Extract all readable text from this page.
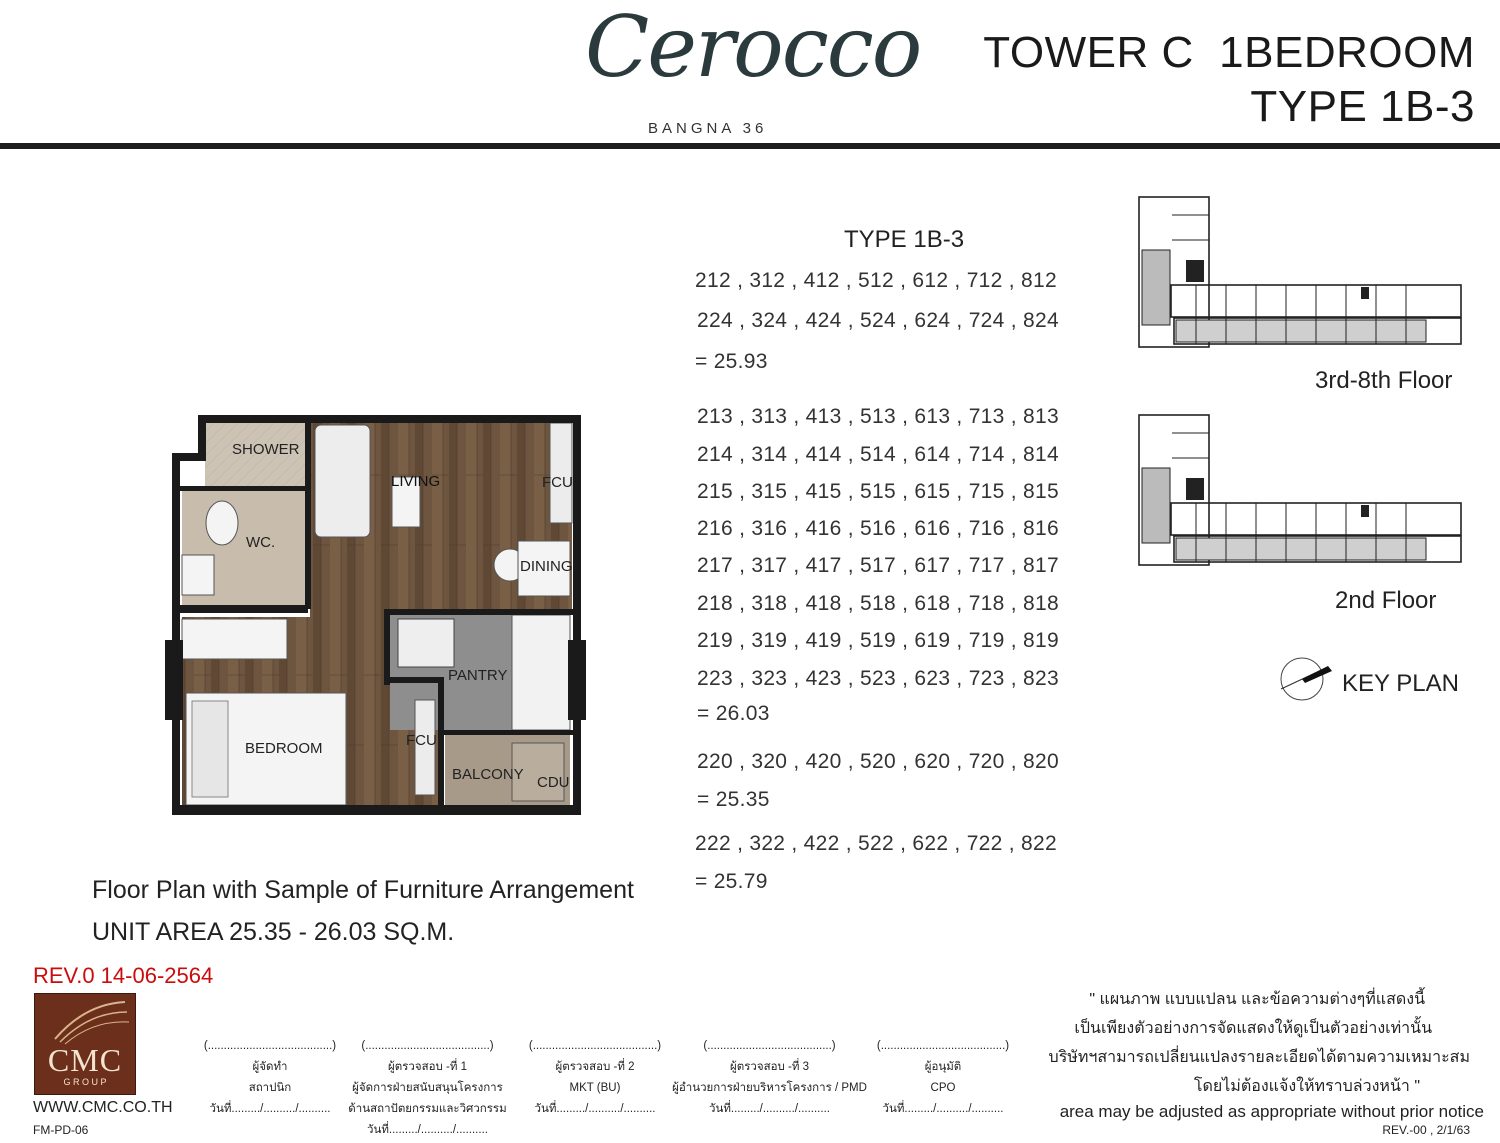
Cerocco
BANGNA 36
TOWER C  1BEDROOM
TYPE 1B-3
SHOWER
WC.
LIVING	FCU
DINING
PANTRY
BEDROOM	FCU
BALCONY CDU
TYPE 1B-3
212 , 312 , 412 , 512 , 612 , 712 , 812
224 , 324 , 424 , 524 , 624 , 724 , 824
= 25.93
213 , 313 , 413 , 513 , 613 , 713 , 813
214 , 314 , 414 , 514 , 614 , 714 , 814
215 , 315 , 415 , 515 , 615 , 715 , 815
216 , 316 , 416 , 516 , 616 , 716 , 816
217 , 317 , 417 , 517 , 617 , 717 , 817
218 , 318 , 418 , 518 , 618 , 718 , 818
219 , 319 , 419 , 519 , 619 , 719 , 819
223 , 323 , 423 , 523 , 623 , 723 , 823
= 26.03
220 , 320 , 420 , 520 , 620 , 720 , 820
= 25.35
222 , 322 , 422 , 522 , 622 , 722 , 822
= 25.79
3rd-8th Floor
2nd Floor
KEY PLAN
Floor Plan with Sample of Furniture Arrangement
UNIT AREA 25.35 - 26.03 SQ.M.
REV.0 14-06-2564
CMC
G R O U P
WWW.CMC.CO.TH
FM-PD-06
(.......................................)
ผู้จัดทำ
สถาปนิก
วันที่........./........../..........
(.......................................)
ผู้ตรวจสอบ -ที่ 1
ผู้จัดการฝ่ายสนับสนุนโครงการ
ด้านสถาปัตยกรรมและวิศวกรรม
วันที่........./........../..........
(.......................................)
ผู้ตรวจสอบ -ที่ 2
MKT (BU)
วันที่........./........../..........
(.......................................)
ผู้ตรวจสอบ -ที่ 3
ผู้อำนวยการฝ่ายบริหารโครงการ / PMD
วันที่........./........../..........
(.......................................)
ผู้อนุมัติ
CPO
วันที่........./........../..........
" แผนภาพ แบบแปลน และข้อความต่างๆที่แสดงนี้
เป็นเพียงตัวอย่างการจัดแสดงให้ดูเป็นตัวอย่างเท่านั้น
บริษัทฯสามารถเปลี่ยนแปลงรายละเอียดได้ตามความเหมาะสม
โดยไม่ต้องแจ้งให้ทราบล่วงหน้า "
area may be adjusted as appropriate without prior notice
REV.-00 , 2/1/63
